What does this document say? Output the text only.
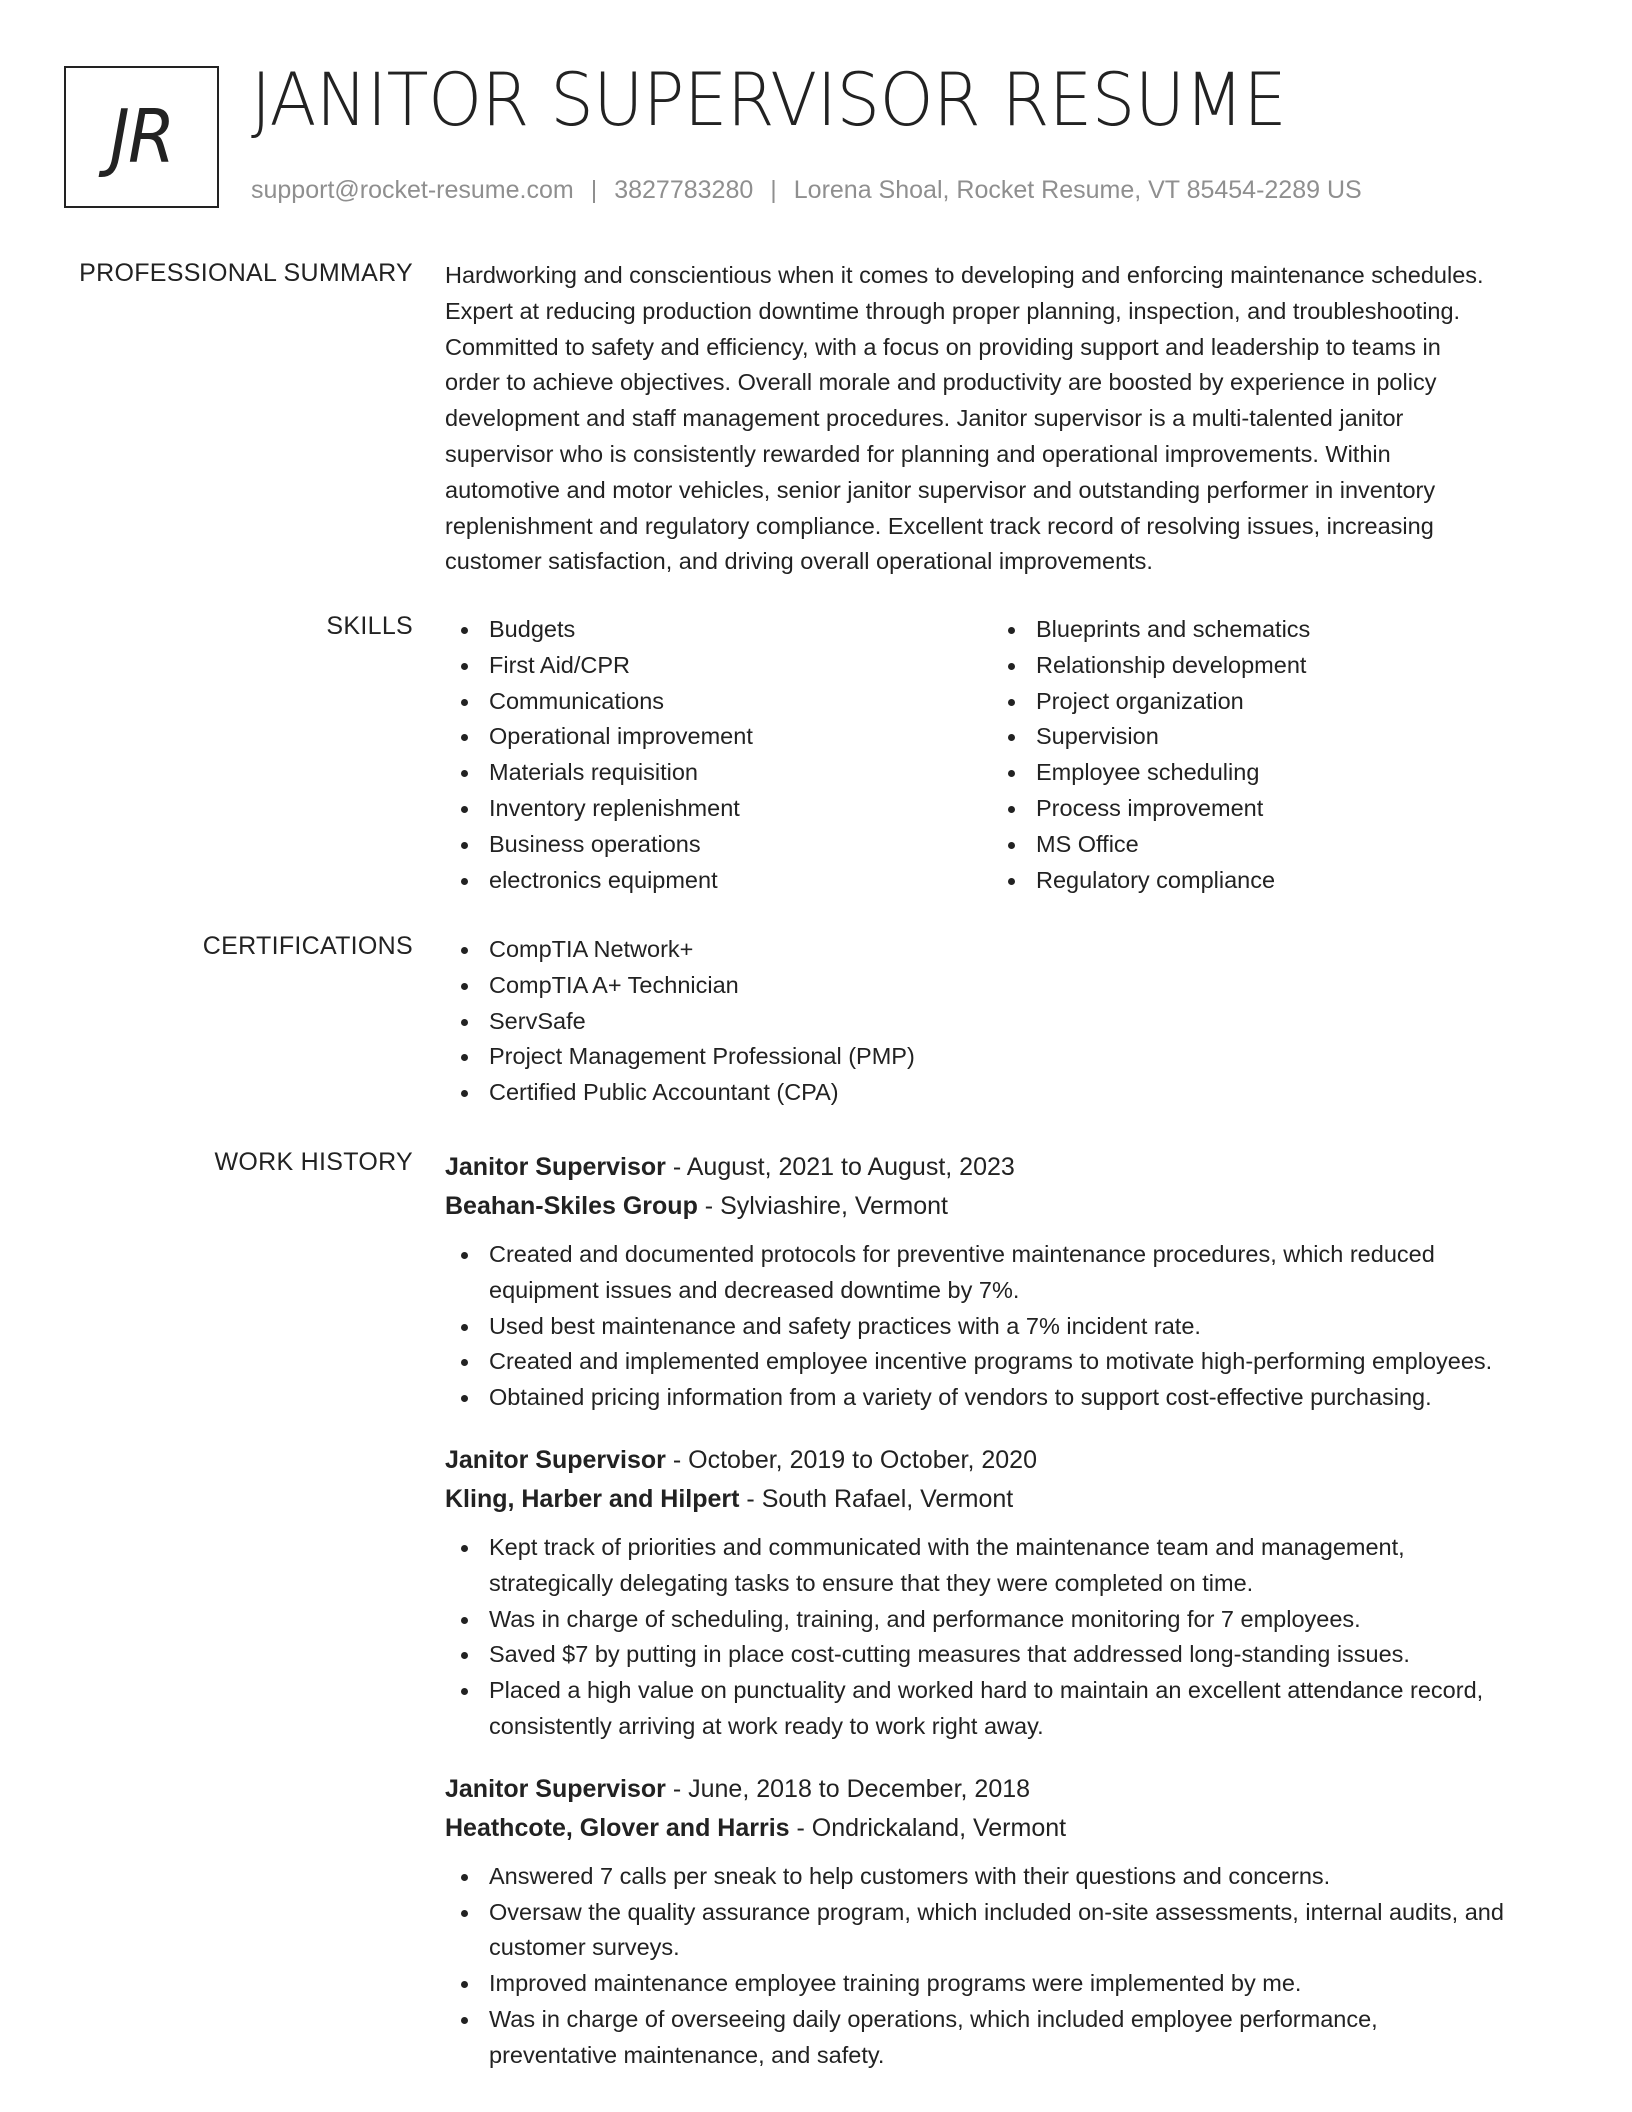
JR JANITOR SUPERVISOR RESUME
support@rocket-resume.com | 3827783280 | Lorena Shoal, Rocket Resume, VT 85454-2289 US
PROFESSIONAL SUMMARY Hardworking and conscientious when it comes to developing and enforcing maintenance schedules.
Expert at reducing production downtime through proper planning, inspection, and troubleshooting.
Committed to safety and efficiency, with a focus on providing support and leadership to teams in
order to achieve objectives. Overall morale and productivity are boosted by experience in policy
development and staff management procedures. Janitor supervisor is a multi-talented janitor
supervisor who is consistently rewarded for planning and operational improvements. Within
automotive and motor vehicles, senior janitor supervisor and outstanding performer in inventory
replenishment and regulatory compliance. Excellent track record of resolving issues, increasing
customer satisfaction, and driving overall operational improvements.
SKILLS	Budgets
First Aid/CPR
Communications
Operational improvement
Materials requisition
Inventory replenishment
Business operations
electronics equipment
Blueprints and schematics
Relationship development
Project organization
Supervision
Employee scheduling
Process improvement
MS Office
Regulatory compliance
CERTIFICATIONS	CompTIA Network+
CompTIA A+ Technician
ServSafe
Project Management Professional (PMP)
Certified Public Accountant (CPA)
WORK HISTORY Janitor Supervisor - August, 2021 to August, 2023
Beahan-Skiles Group - Sylviashire, Vermont
Created and documented protocols for preventive maintenance procedures, which reduced
equipment issues and decreased downtime by 7%.
Used best maintenance and safety practices with a 7% incident rate.
Created and implemented employee incentive programs to motivate high-performing employees.
Obtained pricing information from a variety of vendors to support cost-effective purchasing.
Janitor Supervisor - October, 2019 to October, 2020
Kling, Harber and Hilpert - South Rafael, Vermont
Kept track of priorities and communicated with the maintenance team and management,
strategically delegating tasks to ensure that they were completed on time.
Was in charge of scheduling, training, and performance monitoring for 7 employees.
Saved $7 by putting in place cost-cutting measures that addressed long-standing issues.
Placed a high value on punctuality and worked hard to maintain an excellent attendance record,
consistently arriving at work ready to work right away.
Janitor Supervisor - June, 2018 to December, 2018
Heathcote, Glover and Harris - Ondrickaland, Vermont
Answered 7 calls per sneak to help customers with their questions and concerns.
Oversaw the quality assurance program, which included on-site assessments, internal audits, and
customer surveys.
Improved maintenance employee training programs were implemented by me.
Was in charge of overseeing daily operations, which included employee performance,
preventative maintenance, and safety.
